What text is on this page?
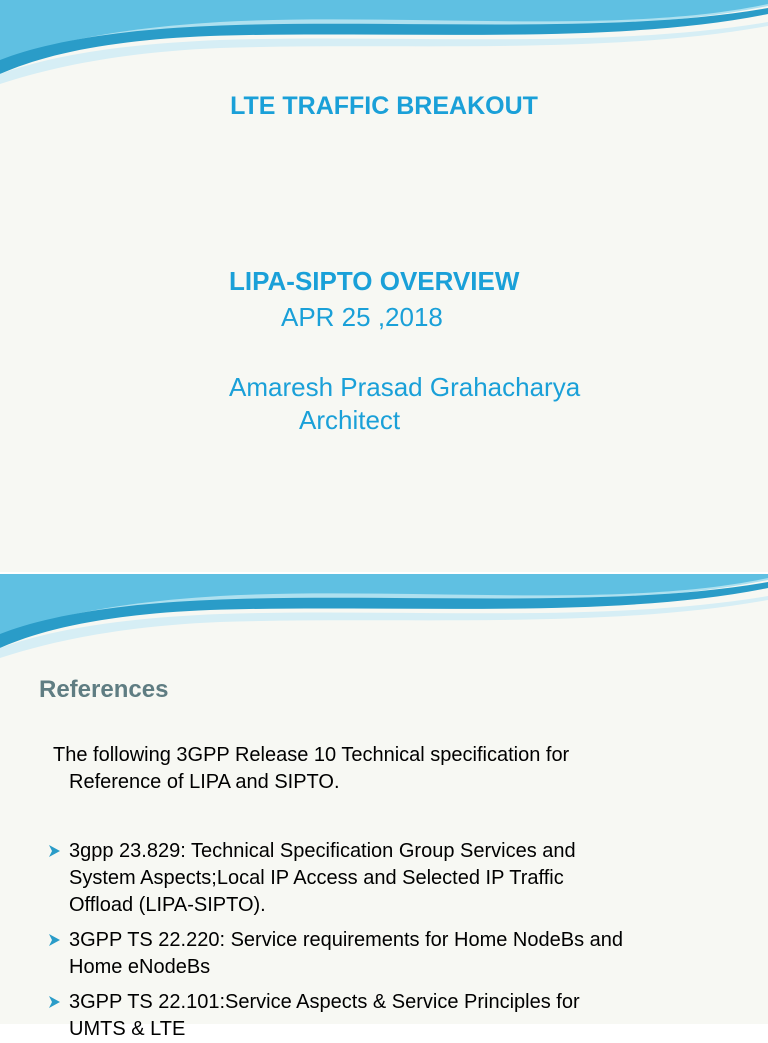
LTE TRAFFIC BREAKOUT
LIPA-SIPTO OVERVIEW
APR 25 ,2018
Amaresh Prasad Grahacharya
Architect
References
The following 3GPP Release 10 Technical specification for
Reference of LIPA and SIPTO.
3gpp 23.829: Technical Specification Group Services and
System Aspects;Local IP Access and Selected IP Traffic
Offload (LIPA-SIPTO).
3GPP TS 22.220: Service requirements for Home NodeBs and
Home eNodeBs
3GPP TS 22.101:Service Aspects & Service Principles for
UMTS & LTE
